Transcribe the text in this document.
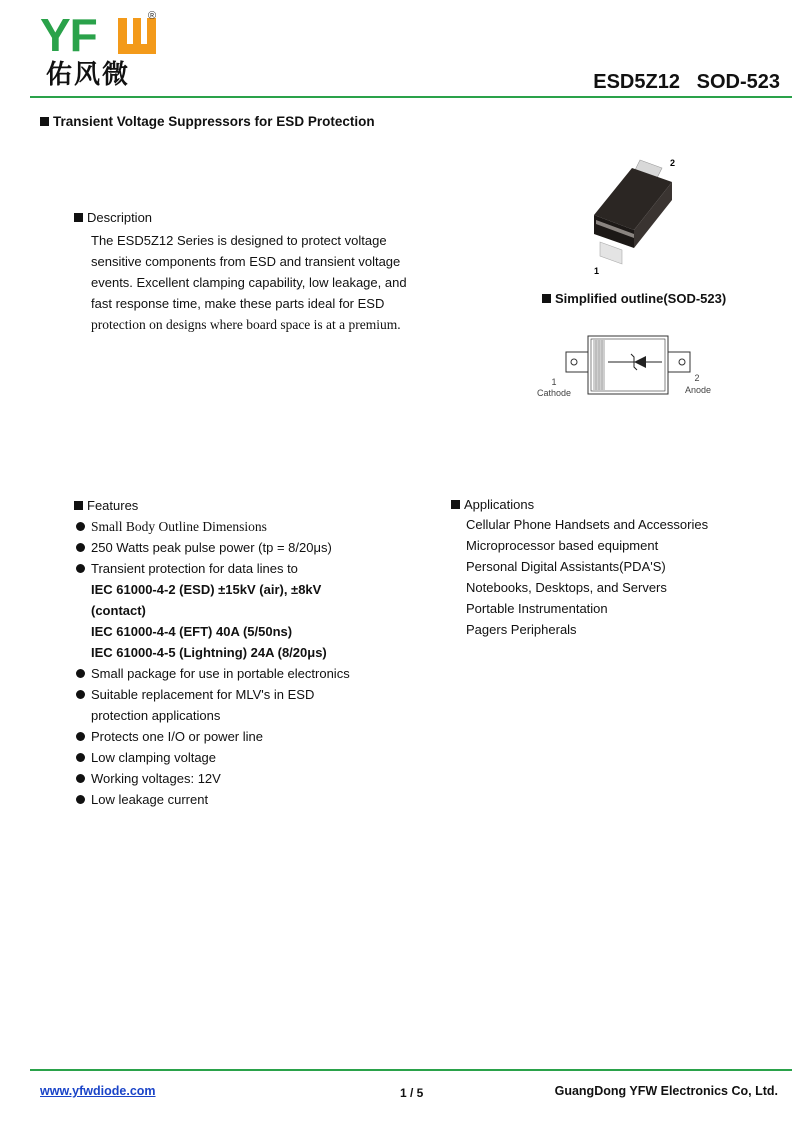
YF
佑风微
®
ESD5Z12 SOD-523
Transient Voltage Suppressors for ESD Protection
Description
The ESD5Z12 Series is designed to protect voltage
sensitive components from ESD and transient voltage
events. Excellent clamping capability, low leakage, and
fast response time, make these parts ideal for ESD
protection on designs where board space is at a premium.
2
1
Simplified outline(SOD-523)
1
Cathode
2
Anode
Features
Small Body Outline Dimensions
250 Watts peak pulse power (tp = 8/20μs)
Transient protection for data lines to
IEC 61000-4-2 (ESD) ±15kV (air), ±8kV
(contact)
IEC 61000-4-4 (EFT) 40A (5/50ns)
IEC 61000-4-5 (Lightning) 24A (8/20μs)
Small package for use in portable electronics
Suitable replacement for MLV's in ESD
protection applications
Protects one I/O or power line
Low clamping voltage
Working voltages: 12V
Low leakage current
Applications
Cellular Phone Handsets and Accessories
Microprocessor based equipment
Personal Digital Assistants(PDA'S)
Notebooks, Desktops, and Servers
Portable Instrumentation
Pagers Peripherals
www.yfwdiode.com	1 / 5	GuangDong YFW Electronics Co, Ltd.
